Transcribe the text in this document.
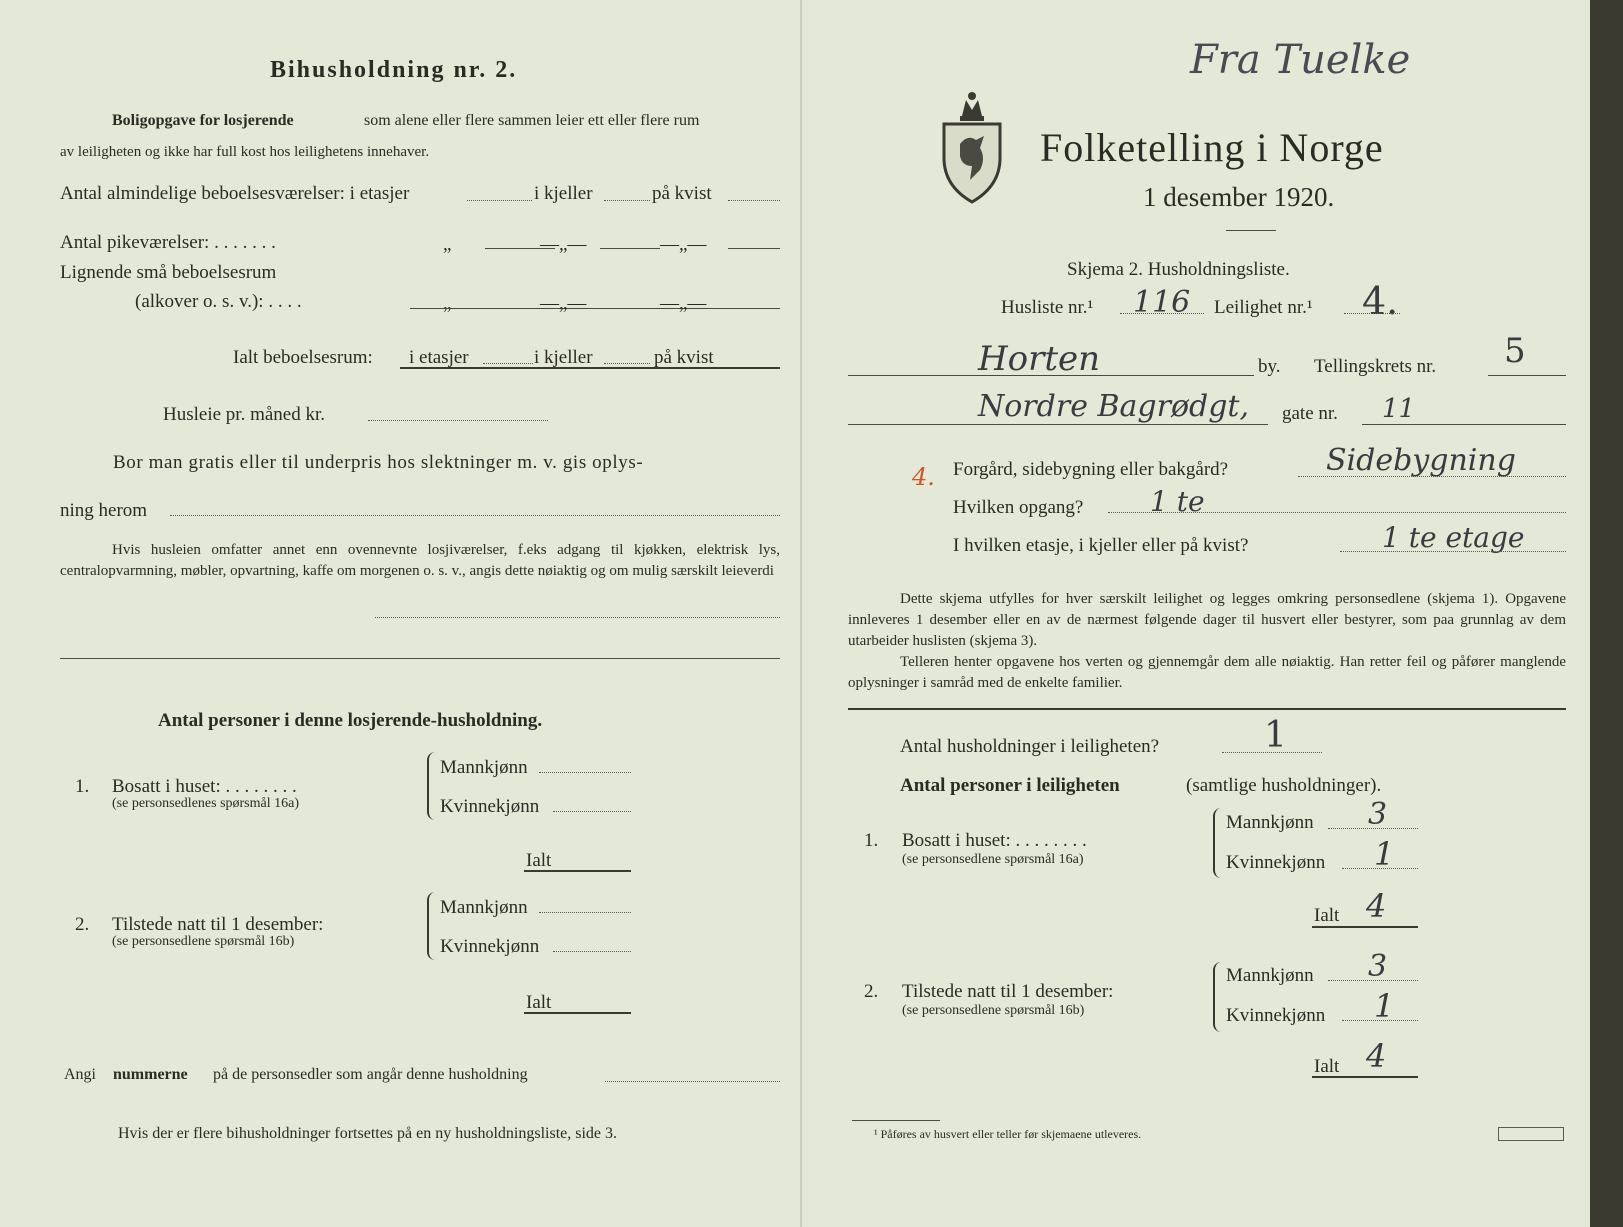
Bihusholdning nr. 2.
Boligopgave for losjerende	som alene eller flere sammen leier ett eller flere rum
av leiligheten og ikke har full kost hos leilighetens innehaver.
Antal almindelige beboelsesværelser: i etasjer	i kjeller	på kvist
Antal pikeværelser: . . . . . . .	„	—„—	—„—
Lignende små beboelsesrum
(alkover o. s. v.): . . . .	„	—„—	—„—
Ialt beboelsesrum: i etasjer	i kjeller	på kvist
Husleie pr. måned kr.
Bor man gratis eller til underpris hos slektninger m. v. gis oplys-
ning herom
Hvis husleien omfatter annet enn ovennevnte losjiværelser, f.eks adgang til kjøkken, elektrisk lys, centralopvarmning, møbler, opvartning, kaffe om morgenen o. s. v., angis dette nøiaktig og om mulig særskilt leieverdi
Antal personer i denne losjerende-husholdning.
1. Bosatt i huset: . . . . . . . .
(se personsedlenes spørsmål 16a)
Mannkjønn
Kvinnekjønn
Ialt
2. Tilstede natt til 1 desember:
(se personsedlene spørsmål 16b)
Mannkjønn
Kvinnekjønn
Ialt
Angi nummerne på de personsedler som angår denne husholdning
Hvis der er flere bihusholdninger fortsettes på en ny husholdningsliste, side 3.
Folketelling i Norge
1 desember 1920.
Fra Tuelke
Skjema 2. Husholdningsliste.
Husliste nr.¹ 116 Leilighet nr.¹ 4.
Horten	by. Tellingskrets nr. 5
Nordre Bagrødgt, gate nr. 11
4. Forgård, sidebygning eller bakgård?	Sidebygning
Hvilken opgang? 1 te
I hvilken etasje, i kjeller eller på kvist?	1 te etage
Dette skjema utfylles for hver særskilt leilighet og legges omkring personsedlene (skjema 1). Opgavene innleveres 1 desember eller en av de nærmest følgende dager til husvert eller bestyrer, som paa grunnlag av dem utarbeider huslisten (skjema 3).
Telleren henter opgavene hos verten og gjennemgår dem alle nøiaktig. Han retter feil og påfører manglende oplysninger i samråd med de enkelte familier.
Antal husholdninger i leiligheten?	1
Antal personer i leiligheten	(samtlige husholdninger).
1. Bosatt i huset: . . . . . . . .
(se personsedlene spørsmål 16a)
Mannkjønn 3
Kvinnekjønn 1
Ialt 4
2. Tilstede natt til 1 desember:
(se personsedlene spørsmål 16b)
Mannkjønn 3
Kvinnekjønn 1
Ialt 4
¹ Påføres av husvert eller teller før skjemaene utleveres.
